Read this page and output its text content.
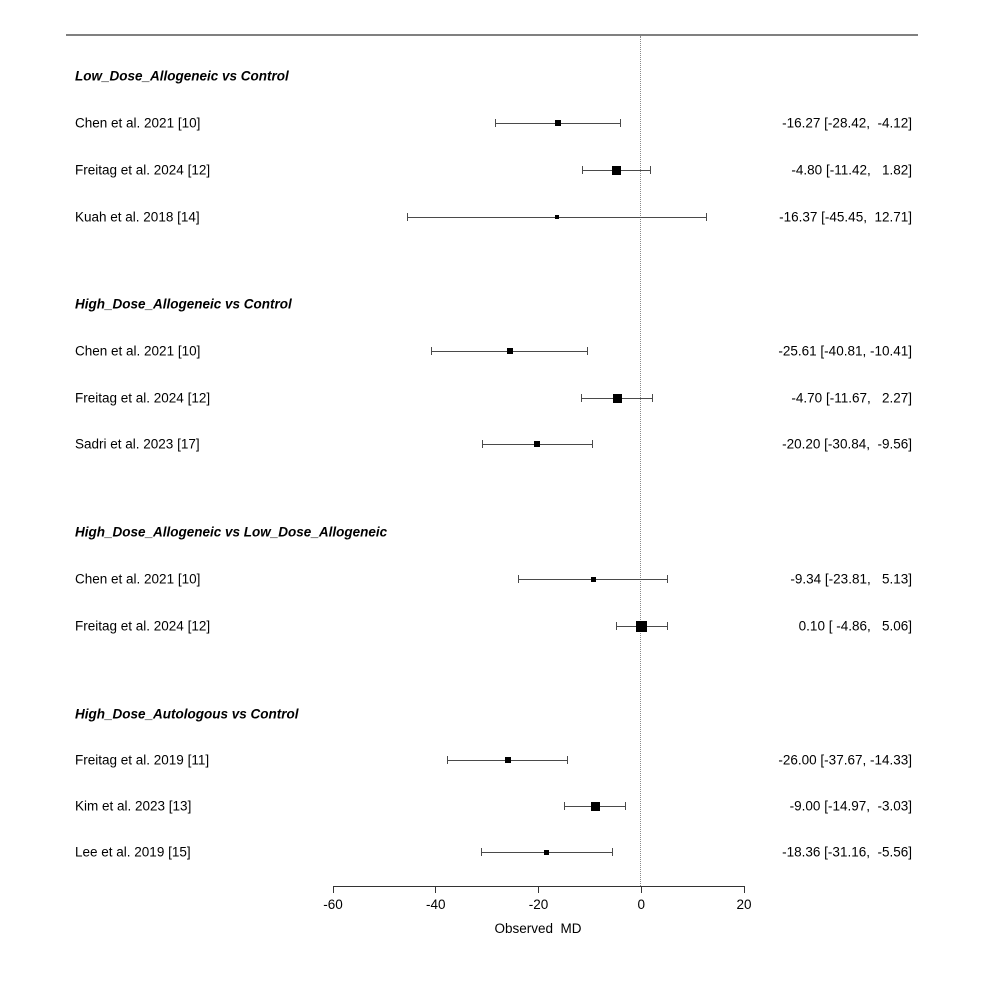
Low_Dose_Allogeneic vs Control
Chen et al. 2021 [10]	-16.27 [-28.42,  -4.12]
Freitag et al. 2024 [12]	-4.80 [-11.42,   1.82]
Kuah et al. 2018 [14]	-16.37 [-45.45,  12.71]
High_Dose_Allogeneic vs Control
Chen et al. 2021 [10]	-25.61 [-40.81, -10.41]
Freitag et al. 2024 [12]	-4.70 [-11.67,   2.27]
Sadri et al. 2023 [17]	-20.20 [-30.84,  -9.56]
High_Dose_Allogeneic vs Low_Dose_Allogeneic
Chen et al. 2021 [10]	-9.34 [-23.81,   5.13]
Freitag et al. 2024 [12]	0.10 [ -4.86,   5.06]
High_Dose_Autologous vs Control
Freitag et al. 2019 [11]	-26.00 [-37.67, -14.33]
Kim et al. 2023 [13]	-9.00 [-14.97,  -3.03]
Lee et al. 2019 [15]	-18.36 [-31.16,  -5.56]
Observed  MD
-60	-40	-20	0	20
